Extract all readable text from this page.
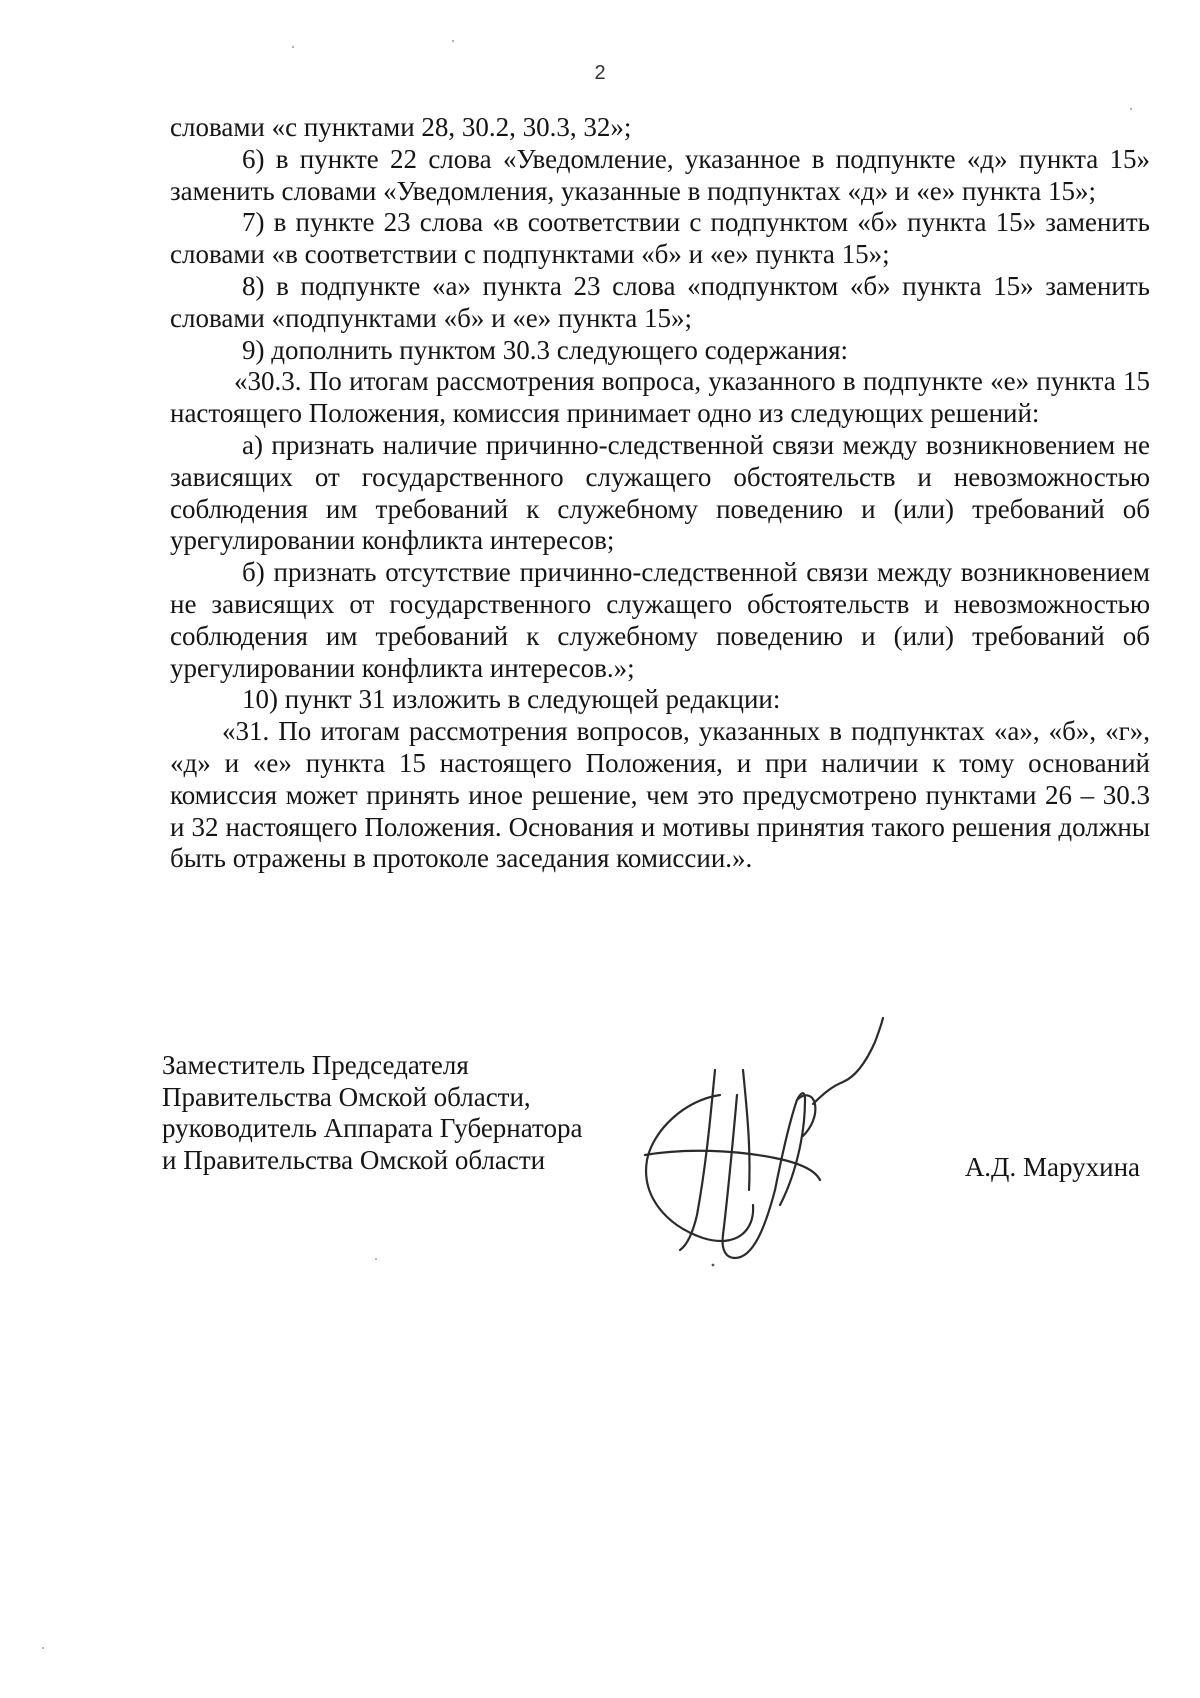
2

словами «с пунктами 28, 30.2, 30.3, 32»;

6) в пункте 22 слова «Уведомление, указанное в подпункте «д» пункта 15» заменить словами «Уведомления, указанные в подпунктах «д» и «е» пункта 15»;

7) в пункте 23 слова «в соответствии с подпунктом «б» пункта 15» заменить словами «в соответствии с подпунктами «б» и «е» пункта 15»;

8) в подпункте «а» пункта 23 слова «подпунктом «б» пункта 15» заменить словами «подпунктами «б» и «е» пункта 15»;

9) дополнить пунктом 30.3 следующего содержания:

«30.3. По итогам рассмотрения вопроса, указанного в подпункте «е» пункта 15 настоящего Положения, комиссия принимает одно из следующих решений:

а) признать наличие причинно-следственной связи между возникновением не зависящих от государственного служащего обстоятельств и невозможностью соблюдения им требований к служебному поведению и (или) требований об урегулировании конфликта интересов;

б) признать отсутствие причинно-следственной связи между возникновением не зависящих от государственного служащего обстоятельств и невозможностью соблюдения им требований к служебному поведению и (или) требований об урегулировании конфликта интересов.»;

10) пункт 31 изложить в следующей редакции:

«31. По итогам рассмотрения вопросов, указанных в подпунктах «а», «б», «г», «д» и «е» пункта 15 настоящего Положения, и при наличии к тому оснований комиссия может принять иное решение, чем это предусмотрено пунктами 26 – 30.3 и 32 настоящего Положения. Основания и мотивы принятия такого решения должны быть отражены в протоколе заседания комиссии.».

Заместитель Председателя
Правительства Омской области,
руководитель Аппарата Губернатора
и Правительства Омской области	А.Д. Марухина
